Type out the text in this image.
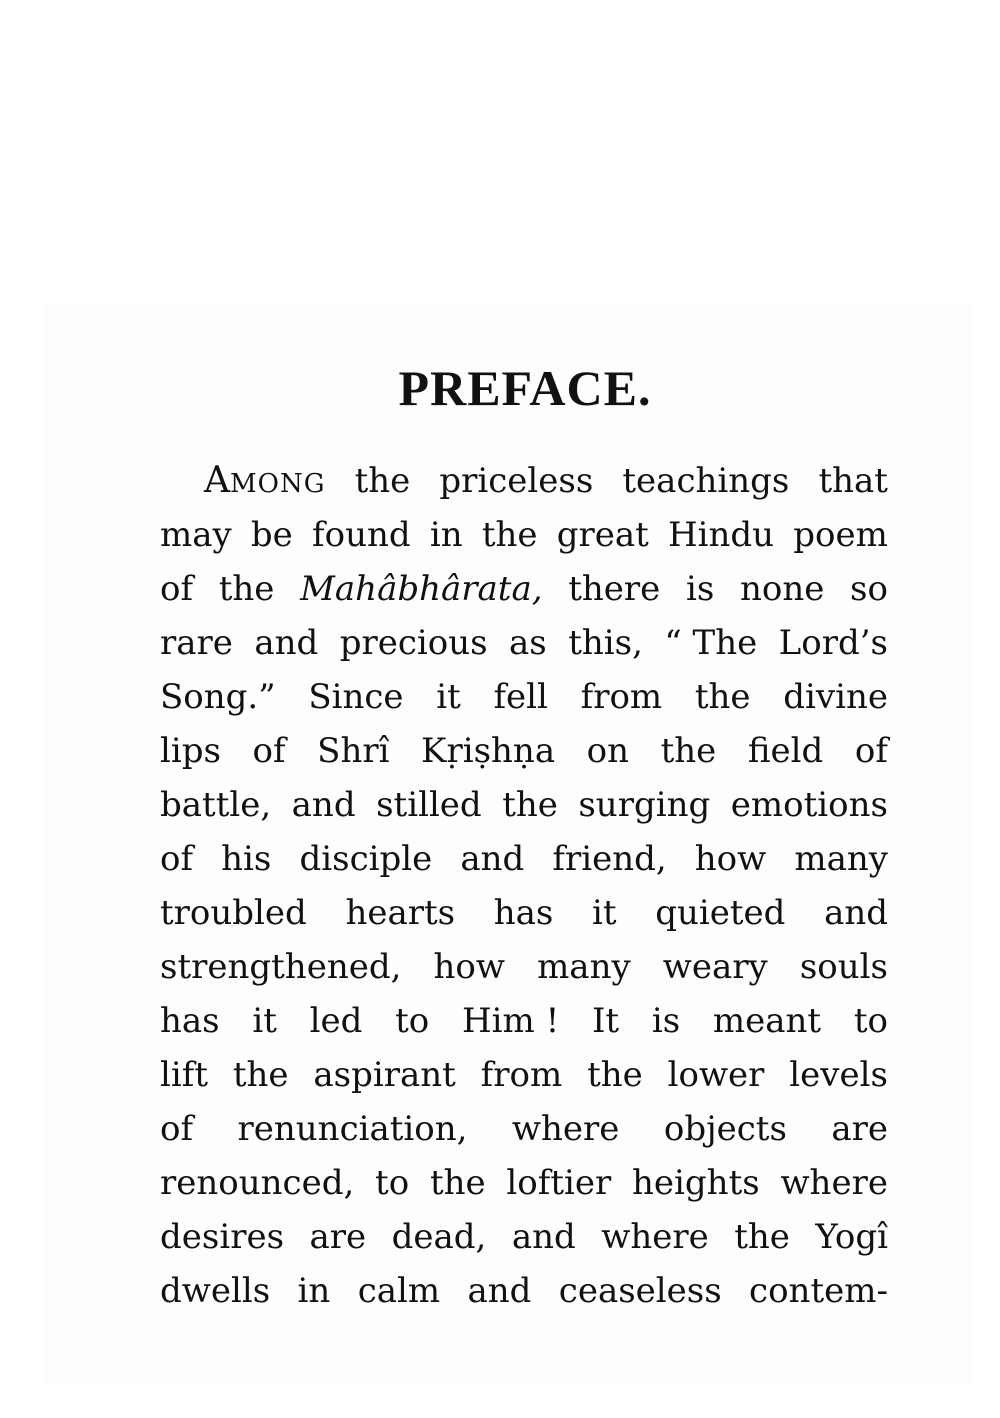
PREFACE.
AMONG the priceless teachings that
may be found in the great Hindu poem
of the Mahâbhârata, there is none so
rare and precious as this, “ The Lord’s
Song.” Since it fell from the divine
lips of Shrî Kṛiṣhṇa on the field of
battle, and stilled the surging emotions
of his disciple and friend, how many
troubled hearts has it quieted and
strengthened, how many weary souls
has it led to Him ! It is meant to
lift the aspirant from the lower levels
of renunciation, where objects are
renounced, to the loftier heights where
desires are dead, and where the Yogî
dwells in calm and ceaseless contem-
